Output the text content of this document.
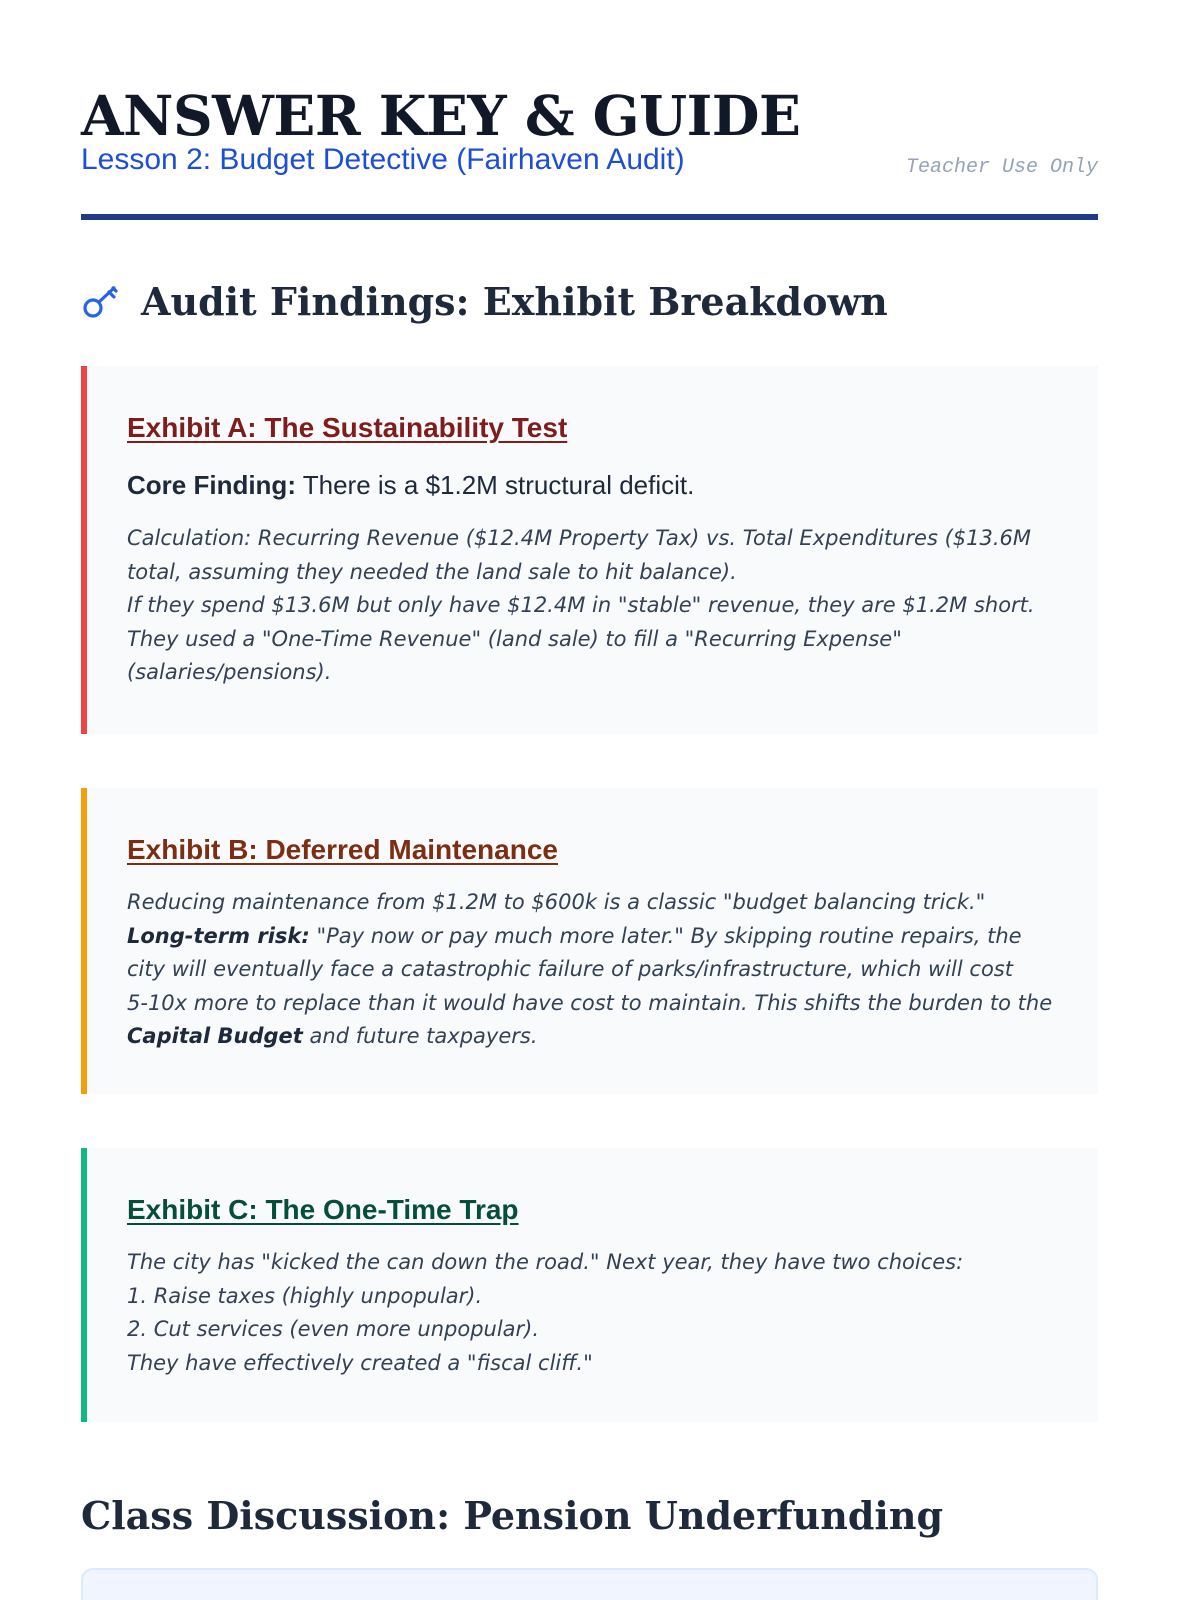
ANSWER KEY & GUIDE
Lesson 2: Budget Detective (Fairhaven Audit)	Teacher Use Only
Audit Findings: Exhibit Breakdown
Exhibit A: The Sustainability Test

Core Finding: There is a $1.2M structural deficit.

Calculation: Recurring Revenue ($12.4M Property Tax) vs. Total Expenditures ($13.6M
total, assuming they needed the land sale to hit balance).
If they spend $13.6M but only have $12.4M in "stable" revenue, they are $1.2M short.
They used a "One-Time Revenue" (land sale) to fill a "Recurring Expense"
(salaries/pensions).

Exhibit B: Deferred Maintenance

Reducing maintenance from $1.2M to $600k is a classic "budget balancing trick."
Long-term risk: "Pay now or pay much more later." By skipping routine repairs, the
city will eventually face a catastrophic failure of parks/infrastructure, which will cost
5-10x more to replace than it would have cost to maintain. This shifts the burden to the
Capital Budget and future taxpayers.

Exhibit C: The One-Time Trap

The city has "kicked the can down the road." Next year, they have two choices:
1. Raise taxes (highly unpopular).
2. Cut services (even more unpopular).
They have effectively created a "fiscal cliff."

Class Discussion: Pension Underfunding
